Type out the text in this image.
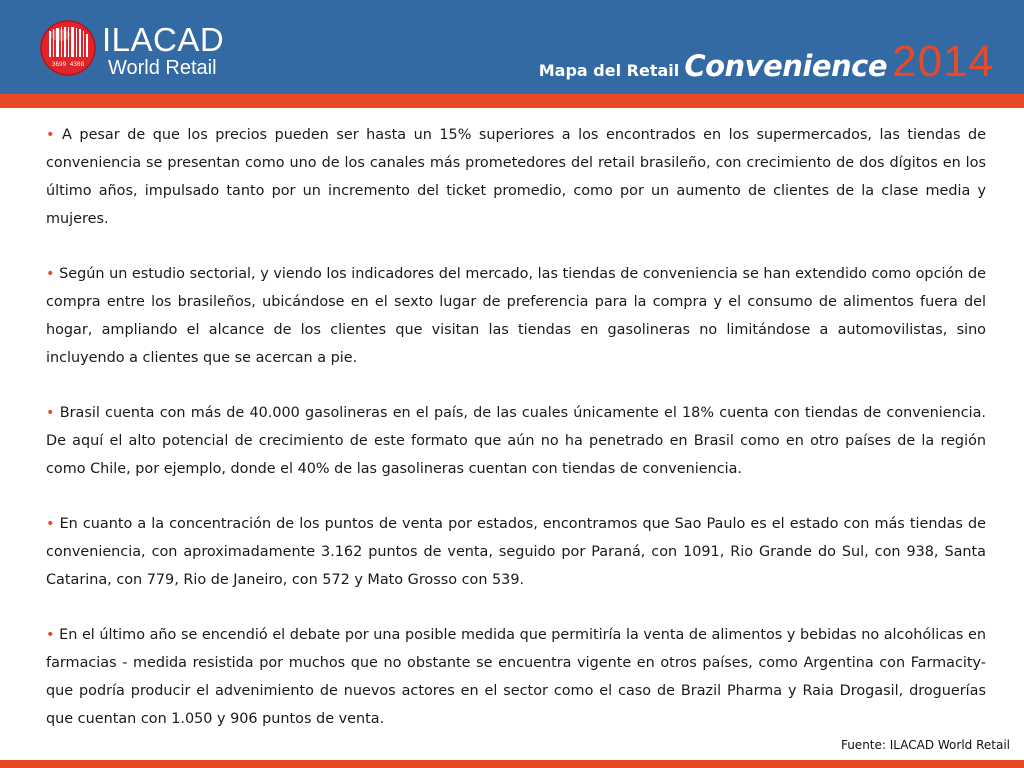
3699 4308
ILACAD
World Retail	Mapa del Retail Convenience 2014

• A pesar de que los precios pueden ser hasta un 15% superiores a los encontrados en los supermercados, las tiendas de conveniencia se presentan como uno de los canales más prometedores del retail brasileño, con crecimiento de dos dígitos en los último años, impulsado tanto por un incremento del ticket promedio, como por un aumento de clientes de la clase media y mujeres.

• Según un estudio sectorial, y viendo los indicadores del mercado, las tiendas de conveniencia se han extendido como opción de compra entre los brasileños, ubicándose en el sexto lugar de preferencia para la compra y el consumo de alimentos fuera del hogar, ampliando el alcance de los clientes que visitan las tiendas en gasolineras no limitándose a automovilistas, sino incluyendo a clientes que se acercan a pie.

• Brasil cuenta con más de 40.000 gasolineras en el país, de las cuales únicamente el 18% cuenta con tiendas de conveniencia. De aquí el alto potencial de crecimiento de este formato que aún no ha penetrado en Brasil como en otro países de la región como Chile, por ejemplo, donde el 40% de las gasolineras cuentan con tiendas de conveniencia.

• En cuanto a la concentración de los puntos de venta por estados, encontramos que Sao Paulo es el estado con más tiendas de conveniencia, con aproximadamente 3.162 puntos de venta, seguido por Paraná, con 1091, Rio Grande do Sul, con 938, Santa Catarina, con 779, Rio de Janeiro, con 572 y Mato Grosso con 539.

• En el último año se encendió el debate por una posible medida que permitiría la venta de alimentos y bebidas no alcohólicas en farmacias - medida resistida por muchos que no obstante se encuentra vigente en otros países, como Argentina con Farmacity- que podría producir el advenimiento de nuevos actores en el sector como el caso de Brazil Pharma y Raia Drogasil, droguerías que cuentan con 1.050 y 906 puntos de venta.

Fuente: ILACAD World Retail
